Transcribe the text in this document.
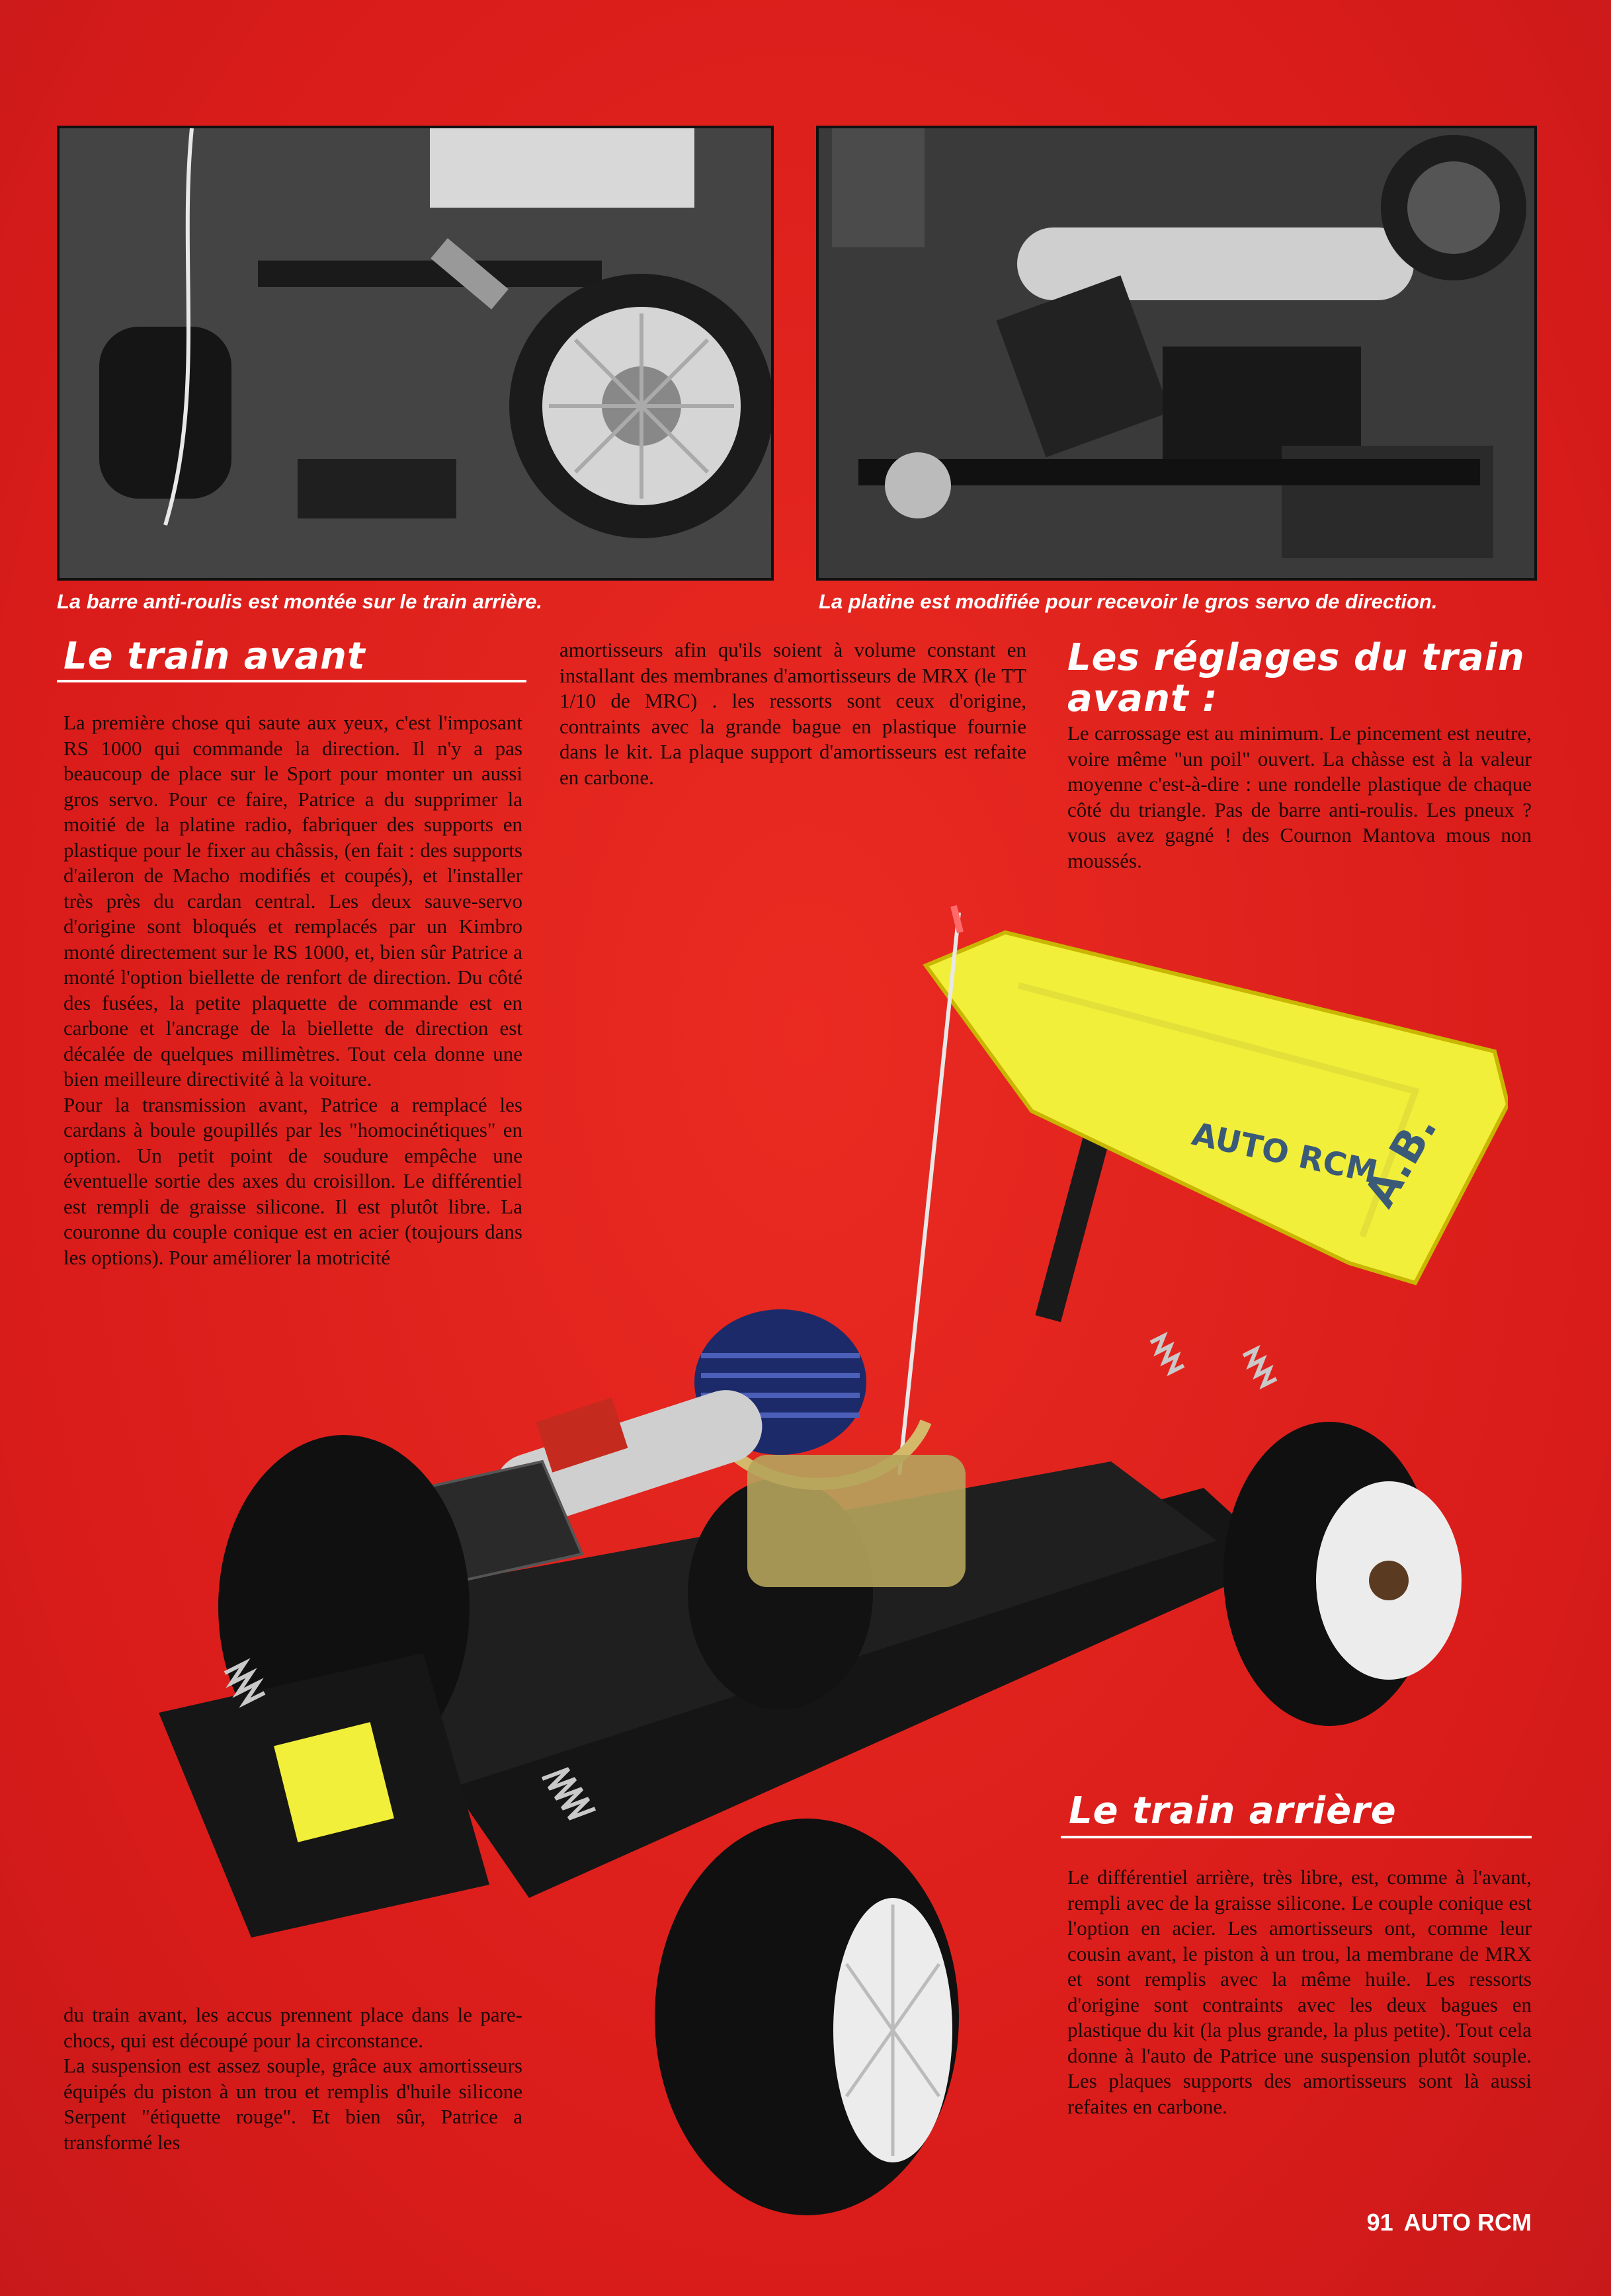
La barre anti-roulis est montée sur le train arrière.	La platine est modifiée pour recevoir le gros servo de direction.
Le train avant

La première chose qui saute aux yeux, c'est l'imposant RS 1000 qui commande la direction. Il n'y a pas beaucoup de place sur le Sport pour monter un aussi gros servo. Pour ce faire, Patrice a du supprimer la moitié de la platine radio, fabriquer des supports en plastique pour le fixer au châssis, (en fait : des supports d'aileron de Macho modifiés et coupés), et l'installer très près du cardan central. Les deux sauve-servo d'origine sont bloqués et remplacés par un Kimbro monté directement sur le RS 1000, et, bien sûr Patrice a monté l'option biellette de renfort de direction. Du côté des fusées, la petite plaquette de commande est en carbone et l'ancrage de la biellette de direction est décalée de quelques millimètres. Tout cela donne une bien meilleure directivité à la voiture.

Pour la transmission avant, Patrice a remplacé les cardans à boule goupillés par les "homocinétiques" en option. Un petit point de soudure empêche une éventuelle sortie des axes du croisillon. Le différentiel est rempli de graisse silicone. Il est plutôt libre. La couronne du couple conique est en acier (toujours dans les options). Pour améliorer la motricité

amortisseurs afin qu'ils soient à volume constant en installant des membranes d'amortisseurs de MRX (le TT 1/10 de MRC) . les ressorts sont ceux d'origine, contraints avec la grande bague en plastique fournie dans le kit. La plaque support d'amortisseurs est refaite en carbone.

Les réglages du train
avant :

Le carrossage est au minimum. Le pincement est neutre, voire même "un poil" ouvert. La chàsse est à la valeur moyenne c'est-à-dire : une rondelle plastique de chaque côté du triangle. Pas de barre anti-roulis. Les pneux ? vous avez gagné ! des Cournon Mantova mous non moussés.

AUTO RCM
A.B.

du train avant, les accus prennent place dans le pare-chocs, qui est découpé pour la circonstance.

La suspension est assez souple, grâce aux amortisseurs équipés du piston à un trou et remplis d'huile silicone Serpent "étiquette rouge". Et bien sûr, Patrice a transformé les

Le train arrière

Le différentiel arrière, très libre, est, comme à l'avant, rempli avec de la graisse silicone. Le couple conique est l'option en acier. Les amortisseurs ont, comme leur cousin avant, le piston à un trou, la membrane de MRX et sont remplis avec la même huile. Les ressorts d'origine sont contraints avec les deux bagues en plastique du kit (la plus grande, la plus petite). Tout cela donne à l'auto de Patrice une suspension plutôt souple. Les plaques supports des amortisseurs sont là aussi refaites en carbone.

91 AUTO RCM
